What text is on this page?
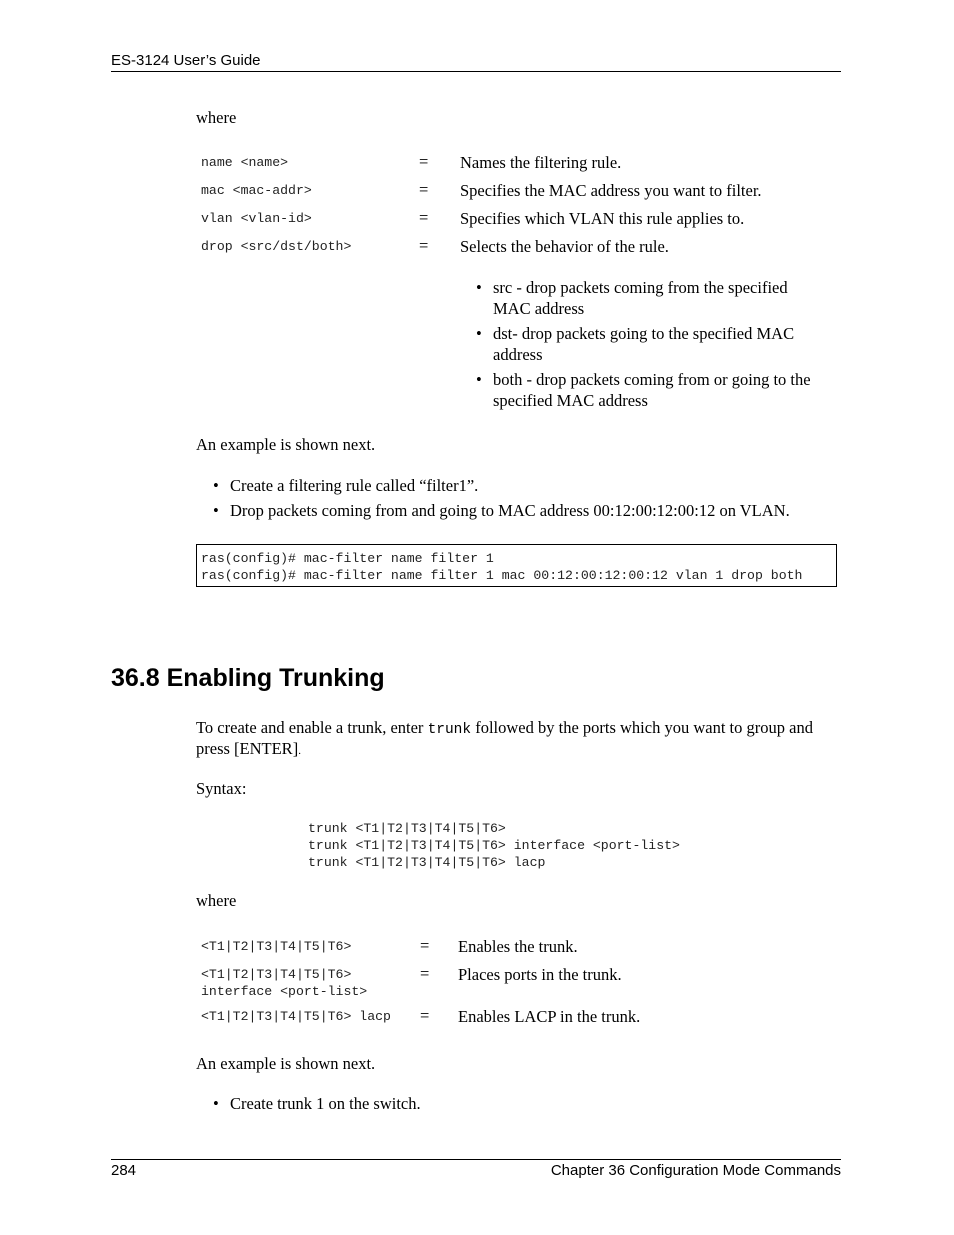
ES-3124 User’s Guide
where
name <name>	= Names the filtering rule.
mac <mac-addr>	= Specifies the MAC address you want to filter.
vlan <vlan-id>	= Specifies which VLAN this rule applies to.
drop <src/dst/both>	= Selects the behavior of the rule.
• src - drop packets coming from the specified
MAC address
• dst- drop packets going to the specified MAC
address
• both - drop packets coming from or going to the
specified MAC address
An example is shown next.
• Create a filtering rule called “filter1”.
• Drop packets coming from and going to MAC address 00:12:00:12:00:12 on VLAN.
ras(config)# mac-filter name filter 1
ras(config)# mac-filter name filter 1 mac 00:12:00:12:00:12 vlan 1 drop both
36.8 Enabling Trunking
To create and enable a trunk, enter trunk followed by the ports which you want to group and
press [ENTER].
Syntax:
trunk <T1|T2|T3|T4|T5|T6>
trunk <T1|T2|T3|T4|T5|T6> interface <port-list>
trunk <T1|T2|T3|T4|T5|T6> lacp
where
<T1|T2|T3|T4|T5|T6>	= Enables the trunk.
<T1|T2|T3|T4|T5|T6>
interface <port-list>
= Places ports in the trunk.
<T1|T2|T3|T4|T5|T6> lacp = Enables LACP in the trunk.
An example is shown next.
• Create trunk 1 on the switch.
284	Chapter 36 Configuration Mode Commands
